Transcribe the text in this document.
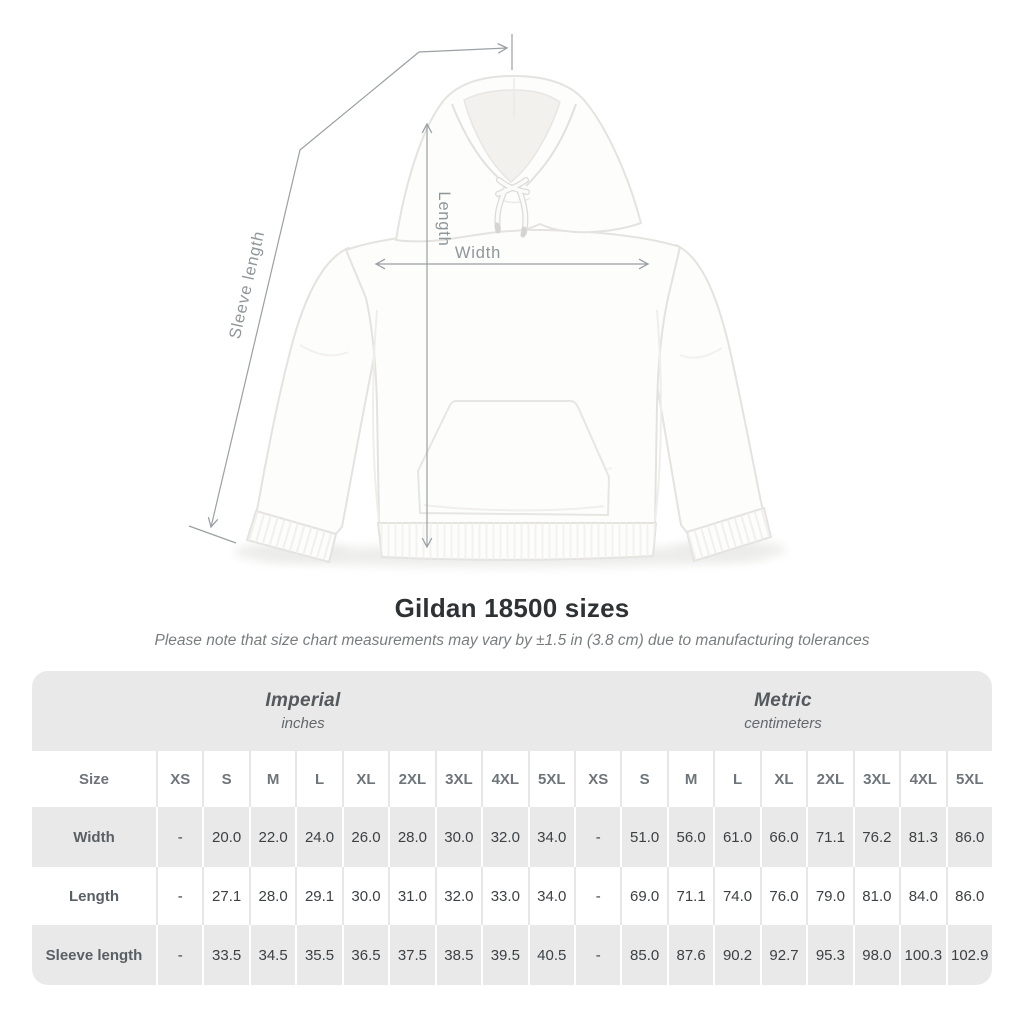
Sleeve length
Length
Width
Gildan 18500 sizes
Please note that size chart measurements may vary by ±1.5 in (3.8 cm) due to manufacturing tolerances
Imperial
inches
Metric
centimeters
Size	XS	S	M	L	XL	2XL	3XL	4XL	5XL	XS	S	M	L	XL	2XL	3XL	4XL	5XL
Width	-	20.0	22.0	24.0	26.0	28.0	30.0	32.0	34.0	-	51.0	56.0	61.0	66.0	71.1	76.2	81.3	86.0
Length	-	27.1	28.0	29.1	30.0	31.0	32.0	33.0	34.0	-	69.0	71.1	74.0	76.0	79.0	81.0	84.0	86.0
Sleeve length	-	33.5	34.5	35.5	36.5	37.5	38.5	39.5	40.5	-	85.0	87.6	90.2	92.7	95.3	98.0 100.3 102.9
